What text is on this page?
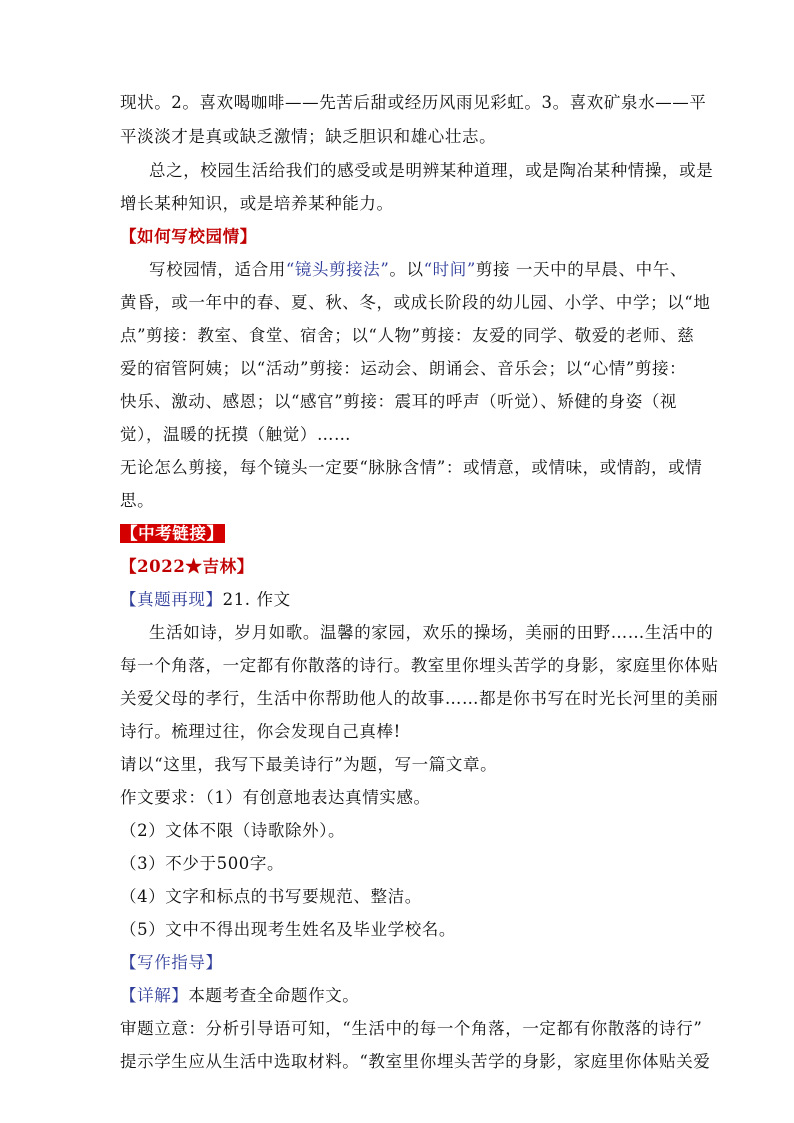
现状。2。喜欢喝咖啡——先苦后甜或经历风雨见彩虹。3。喜欢矿泉水——平
平淡淡才是真或缺乏激情；缺乏胆识和雄心壮志。
总之，校园生活给我们的感受或是明辨某种道理，或是陶冶某种情操，或是
增长某种知识，或是培养某种能力。
【如何写校园情】
写校园情，适合用“镜头剪接法”。以“时间”剪接 一天中的早晨、中午、
黄昏，或一年中的春、夏、秋、冬，或成长阶段的幼儿园、小学、中学；以“地
点”剪接：教室、食堂、宿舍；以“人物”剪接：友爱的同学、敬爱的老师、慈
爱的宿管阿姨；以“活动”剪接：运动会、朗诵会、音乐会；以“心情”剪接：
快乐、激动、感恩；以“感官”剪接：震耳的呼声（听觉）、矫健的身姿（视
觉），温暖的抚摸（触觉）……
无论怎么剪接，每个镜头一定要“脉脉含情”：或情意，或情味，或情韵，或情
思。
【中考链接】
【2022★吉林】
【真题再现】21. 作文
生活如诗，岁月如歌。温馨的家园，欢乐的操场，美丽的田野……生活中的
每一个角落，一定都有你散落的诗行。教室里你埋头苦学的身影，家庭里你体贴
关爱父母的孝行，生活中你帮助他人的故事……都是你书写在时光长河里的美丽
诗行。梳理过往，你会发现自己真棒!
请以“这里，我写下最美诗行”为题，写一篇文章。
作文要求：（1）有创意地表达真情实感。
（2）文体不限（诗歌除外）。
（3）不少于500字。
（4）文字和标点的书写要规范、整洁。
（5）文中不得出现考生姓名及毕业学校名。
【写作指导】
【详解】本题考查全命题作文。
审题立意：分析引导语可知，“生活中的每一个角落，一定都有你散落的诗行”
提示学生应从生活中选取材料。“教室里你埋头苦学的身影，家庭里你体贴关爱
